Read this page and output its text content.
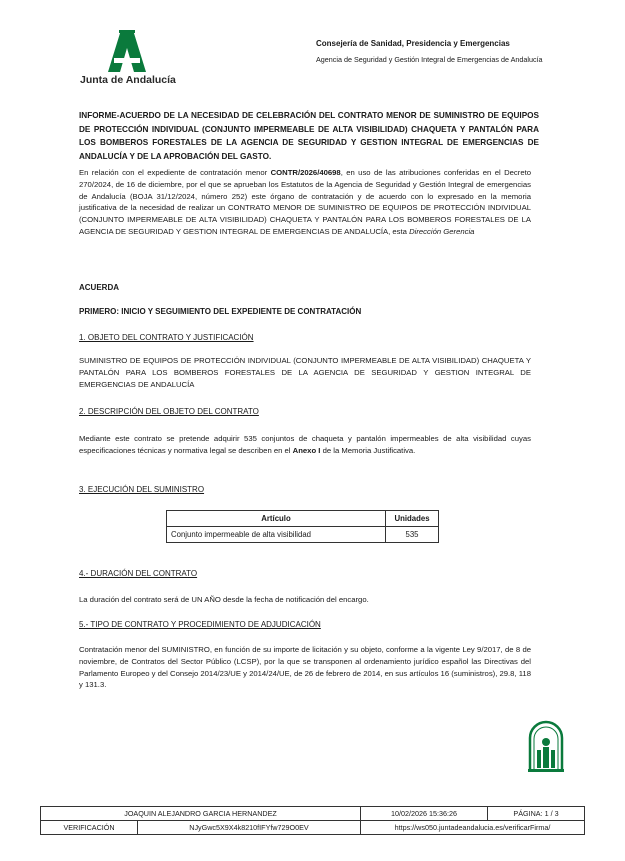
Junta de Andalucía
Consejería de Sanidad, Presidencia y Emergencias
Agencia de Seguridad y Gestión Integral de Emergencias de Andalucía
INFORME-ACUERDO DE LA NECESIDAD DE CELEBRACIÓN DEL CONTRATO MENOR DE SUMINISTRO DE EQUIPOS DE PROTECCIÓN INDIVIDUAL (CONJUNTO IMPERMEABLE DE ALTA VISIBILIDAD) CHAQUETA Y PANTALÓN PARA LOS BOMBEROS FORESTALES DE LA AGENCIA DE SEGURIDAD Y GESTION INTEGRAL DE EMERGENCIAS DE ANDALUCÍA Y DE LA APROBACIÓN DEL GASTO.
En relación con el expediente de contratación menor CONTR/2026/40698, en uso de las atribuciones conferidas en el Decreto 270/2024, de 16 de diciembre, por el que se aprueban los Estatutos de la Agencia de Seguridad y Gestión Integral de emergencias de Andalucía (BOJA 31/12/2024, número 252) este órgano de contratación y de acuerdo con lo expresado en la memoria justificativa de la necesidad de realizar un CONTRATO MENOR DE SUMINISTRO DE EQUIPOS DE PROTECCIÓN INDIVIDUAL (CONJUNTO IMPERMEABLE DE ALTA VISIBILIDAD) CHAQUETA Y PANTALÓN PARA LOS BOMBEROS FORESTALES DE LA AGENCIA DE SEGURIDAD Y GESTION INTEGRAL DE EMERGENCIAS DE ANDALUCÍA, esta Dirección Gerencia
ACUERDA
PRIMERO: INICIO Y SEGUIMIENTO DEL EXPEDIENTE DE CONTRATACIÓN
1. OBJETO DEL CONTRATO Y JUSTIFICACIÓN
SUMINISTRO DE EQUIPOS DE PROTECCIÓN INDIVIDUAL (CONJUNTO IMPERMEABLE DE ALTA VISIBILIDAD) CHAQUETA Y PANTALÓN PARA LOS BOMBEROS FORESTALES DE LA AGENCIA DE SEGURIDAD Y GESTION INTEGRAL DE EMERGENCIAS DE ANDALUCÍA
2. DESCRIPCIÓN DEL OBJETO DEL CONTRATO
Mediante este contrato se pretende adquirir 535 conjuntos de chaqueta y pantalón impermeables de alta visibilidad cuyas especificaciones técnicas y normativa legal se describen en el Anexo I de la Memoria Justificativa.
3. EJECUCIÓN DEL SUMINISTRO
Artículo	Unidades
Conjunto impermeable de alta visibilidad	535
4.- DURACIÓN DEL CONTRATO
La duración del contrato será de UN AÑO desde la fecha de notificación del encargo.
5.- TIPO DE CONTRATO Y PROCEDIMIENTO DE ADJUDICACIÓN
Contratación menor del SUMINISTRO, en función de su importe de licitación y su objeto, conforme a la vigente Ley 9/2017, de 8 de noviembre, de Contratos del Sector Público (LCSP), por la que se transponen al ordenamiento jurídico español las Directivas del Parlamento Europeo y del Consejo 2014/23/UE y 2014/24/UE, de 26 de febrero de 2014, en sus artículos 16 (suministros), 29.8, 118 y 131.3.
JOAQUIN ALEJANDRO GARCIA HERNANDEZ		10/02/2026 15:36:26	PÁGINA: 1 / 3
VERIFICACIÓN	NJyGwc5X9X4k8210fIFYfw729O0EV	https://ws050.juntadeandalucia.es/verificarFirma/	
